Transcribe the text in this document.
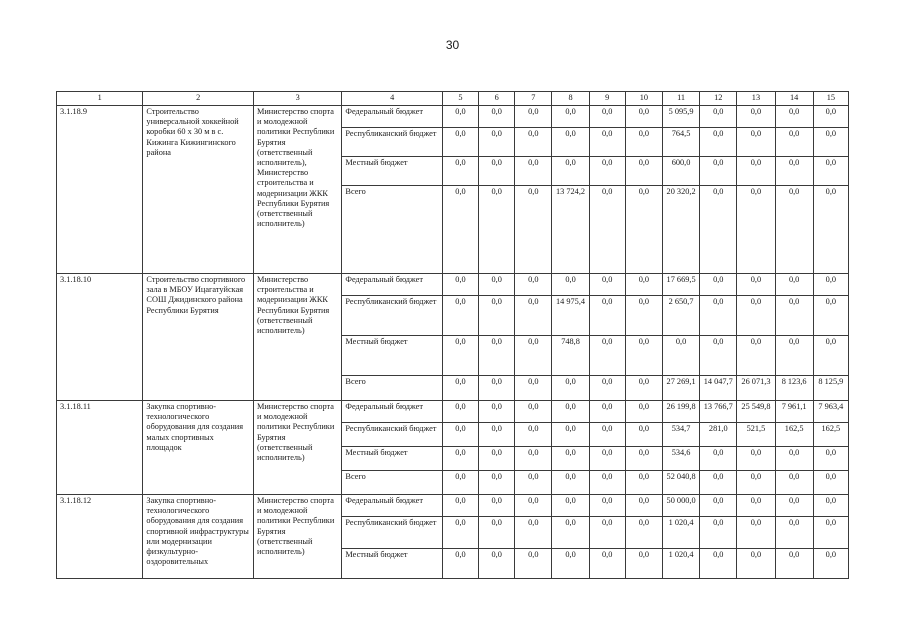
30
1	2	3	4	5	6	7	8	9	10	11	12	13	14	15
3.1.18.9	Строительство универсальной хоккейной коробки 60 х 30 м в с. Кижинга Кижингинского района	Министерство спорта и молодежной политики Республики Бурятия (ответственный исполнитель), Министерство строительства и модернизации ЖКК Республики Бурятия (ответственный исполнитель)	Федеральный бюджет	0,0	0,0	0,0	0,0	0,0	0,0	5 095,9	0,0	0,0	0,0	0,0
			Республиканский бюджет	0,0	0,0	0,0	0,0	0,0	0,0	764,5	0,0	0,0	0,0	0,0
			Местный бюджет	0,0	0,0	0,0	0,0	0,0	0,0	600,0	0,0	0,0	0,0	0,0
			Всего	0,0	0,0	0,0	13 724,2	0,0	0,0	20 320,2	0,0	0,0	0,0	0,0
3.1.18.10	Строительство спортивного зала в МБОУ Ицагатуйская СОШ Джидинского района Республики Бурятия	Министерство строительства и модернизации ЖКК Республики Бурятия (ответственный исполнитель)	Федеральный бюджет	0,0	0,0	0,0	0,0	0,0	0,0	17 669,5	0,0	0,0	0,0	0,0
			Республиканский бюджет	0,0	0,0	0,0	14 975,4	0,0	0,0	2 650,7	0,0	0,0	0,0	0,0
			Местный бюджет	0,0	0,0	0,0	748,8	0,0	0,0	0,0	0,0	0,0	0,0	0,0
			Всего	0,0	0,0	0,0	0,0	0,0	0,0	27 269,1	14 047,7	26 071,3	8 123,6	8 125,9
3.1.18.11	Закупка спортивно-технологического оборудования для создания малых спортивных площадок	Министерство спорта и молодежной политики Республики Бурятия (ответственный исполнитель)	Федеральный бюджет	0,0	0,0	0,0	0,0	0,0	0,0	26 199,8	13 766,7	25 549,8	7 961,1	7 963,4
			Республиканский бюджет	0,0	0,0	0,0	0,0	0,0	0,0	534,7	281,0	521,5	162,5	162,5
			Местный бюджет	0,0	0,0	0,0	0,0	0,0	0,0	534,6	0,0	0,0	0,0	0,0
			Всего	0,0	0,0	0,0	0,0	0,0	0,0	52 040,8	0,0	0,0	0,0	0,0
3.1.18.12	Закупка спортивно-технологического оборудования для создания спортивной инфраструктуры или модернизации физкультурно-оздоровительных	Министерство спорта и молодежной политики Республики Бурятия (ответственный исполнитель)	Федеральный бюджет	0,0	0,0	0,0	0,0	0,0	0,0	50 000,0	0,0	0,0	0,0	0,0
			Республиканский бюджет	0,0	0,0	0,0	0,0	0,0	0,0	1 020,4	0,0	0,0	0,0	0,0
			Местный бюджет	0,0	0,0	0,0	0,0	0,0	0,0	1 020,4	0,0	0,0	0,0	0,0
